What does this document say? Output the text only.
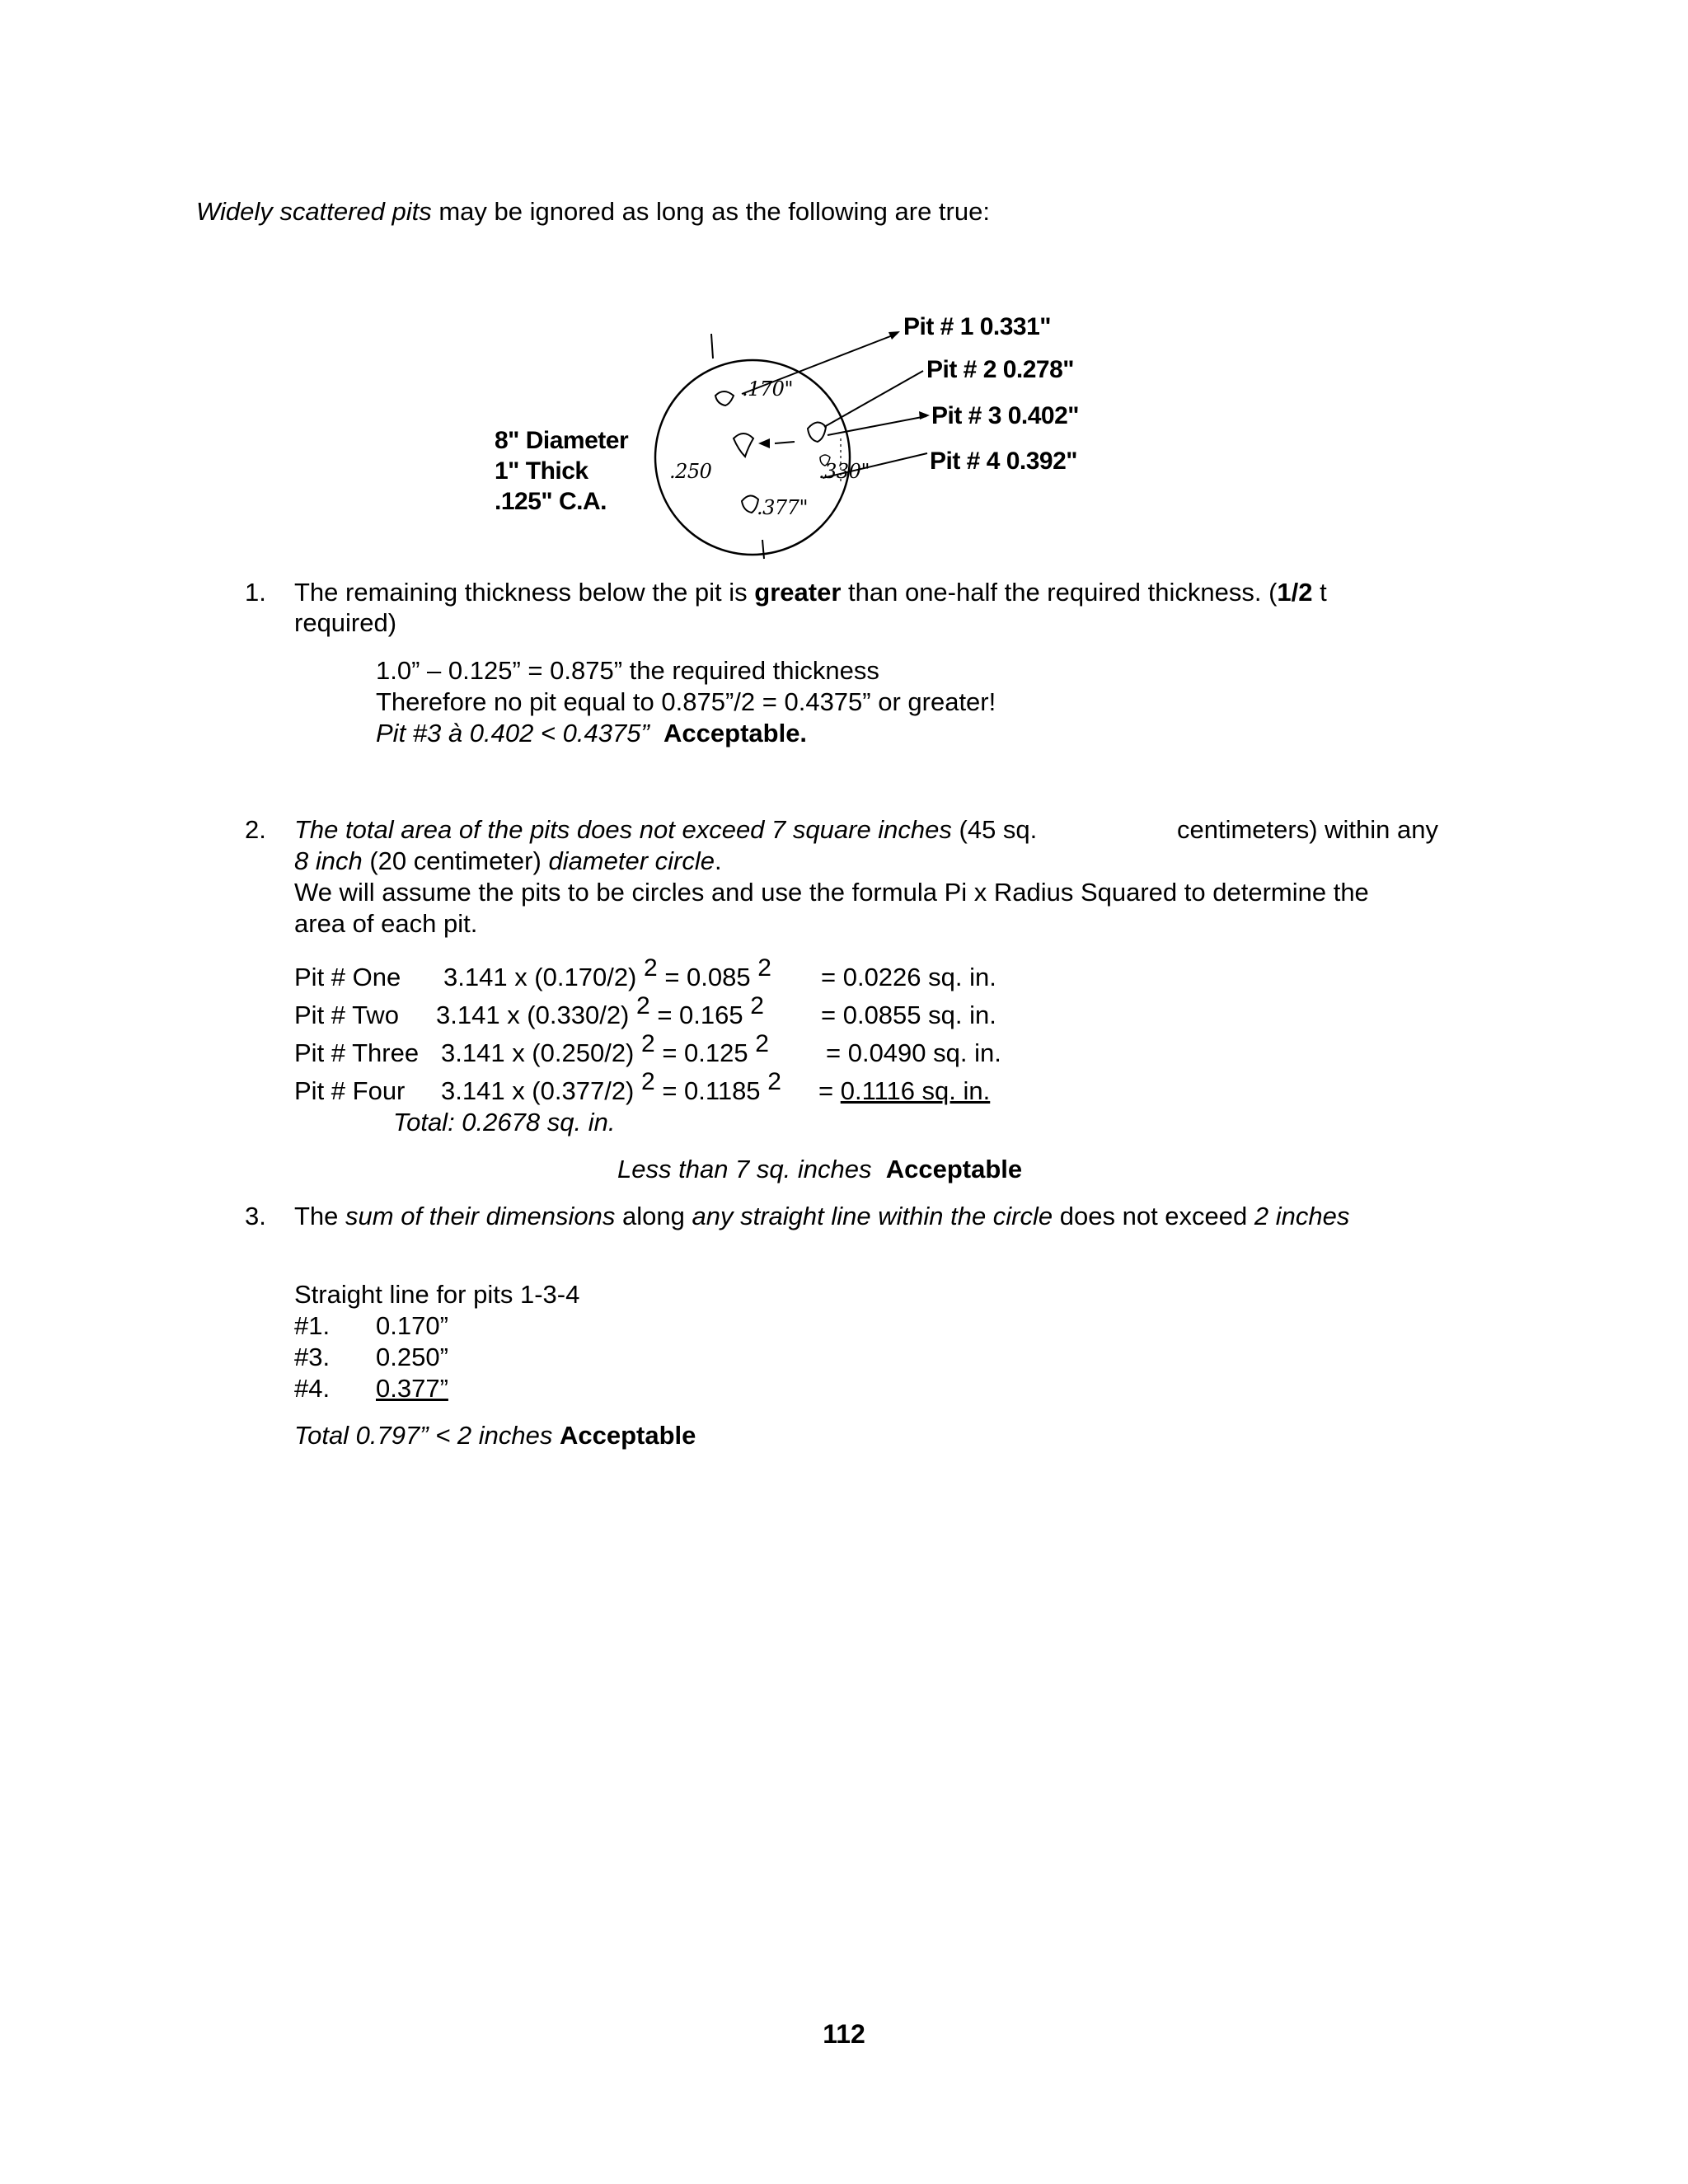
Widely scattered pits may be ignored as long as the following are true:
8" Diameter
1" Thick
.125" C.A.
Pit # 1 0.331"
Pit # 2 0.278"
Pit # 3 0.402"
Pit # 4 0.392"
.170"
.250	.330"
.377"
1. The remaining thickness below the pit is greater than one-half the required thickness. (1/2 t
required)
1.0” – 0.125” = 0.875” the required thickness
Therefore no pit equal to 0.875”/2 = 0.4375” or greater!
Pit #3 à 0.402 < 0.4375” Acceptable.
2. The total area of the pits does not exceed 7 square inches (45 sq.	centimeters) within any
8 inch (20 centimeter) diameter circle.
We will assume the pits to be circles and use the formula Pi x Radius Squared to determine the
area of each pit.
Pit # One 3.141 x (0.170/2) 2 = 0.085 2 = 0.0226 sq. in.
Pit # Two 3.141 x (0.330/2) 2 = 0.165 2 = 0.0855 sq. in.
Pit # Three 3.141 x (0.250/2) 2 = 0.125 2 = 0.0490 sq. in.
Pit # Four 3.141 x (0.377/2) 2 = 0.1185 2 = 0.1116 sq. in.
Total: 0.2678 sq. in.
Less than 7 sq. inches Acceptable
3. The sum of their dimensions along any straight line within the circle does not exceed 2 inches
Straight line for pits 1-3-4
#1. 0.170”
#3. 0.250”
#4. 0.377”
Total 0.797” < 2 inches Acceptable
112
